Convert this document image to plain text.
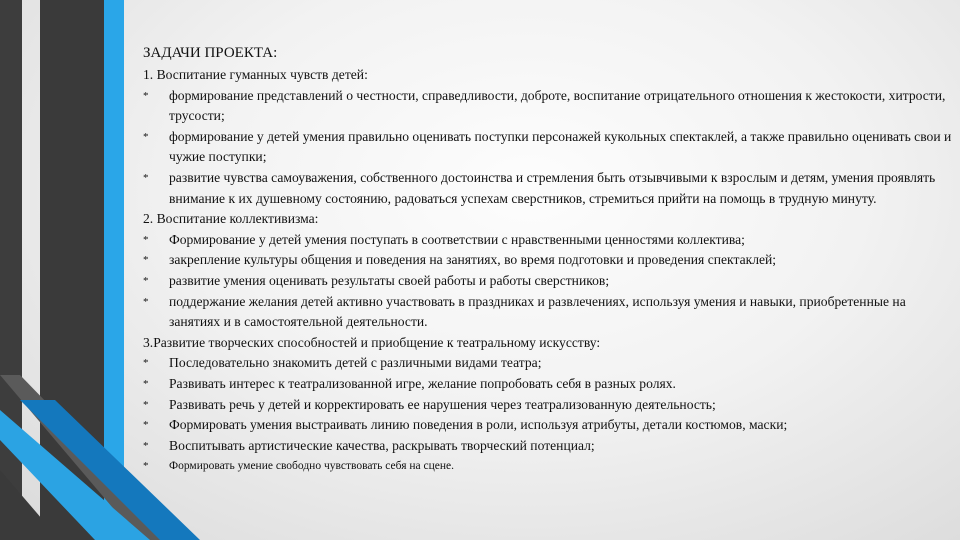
ЗАДАЧИ ПРОЕКТА:
1. Воспитание гуманных чувств детей:
* формирование представлений о честности, справедливости, доброте, воспитание отрицательного отношения к жестокости, хитрости, трусости;
* формирование у детей умения правильно оценивать поступки персонажей кукольных спектаклей, а также правильно оценивать свои и чужие поступки;
* развитие чувства самоуважения, собственного достоинства и стремления быть отзывчивыми к взрослым и детям, умения проявлять внимание к их душевному состоянию, радоваться успехам сверстников, стремиться прийти на помощь в трудную минуту.
2. Воспитание коллективизма:
* Формирование у детей умения поступать в соответствии с нравственными ценностями коллектива;
* закрепление культуры общения и поведения на занятиях, во время подготовки и проведения спектаклей;
* развитие умения оценивать результаты своей работы и работы сверстников;
* поддержание желания детей активно участвовать в праздниках и развлечениях, используя умения и навыки, приобретенные на занятиях и в самостоятельной деятельности.
3.Развитие творческих способностей и приобщение к театральному искусству:
* Последовательно знакомить детей с различными видами театра;
* Развивать интерес к театрализованной игре, желание попробовать себя в разных ролях.
* Развивать речь у детей и корректировать ее нарушения через театрализованную деятельность;
* Формировать умения выстраивать линию поведения в роли, используя атрибуты, детали костюмов, маски;
* Воспитывать артистические качества, раскрывать творческий потенциал;
* Формировать умение свободно чувствовать себя на сцене.
